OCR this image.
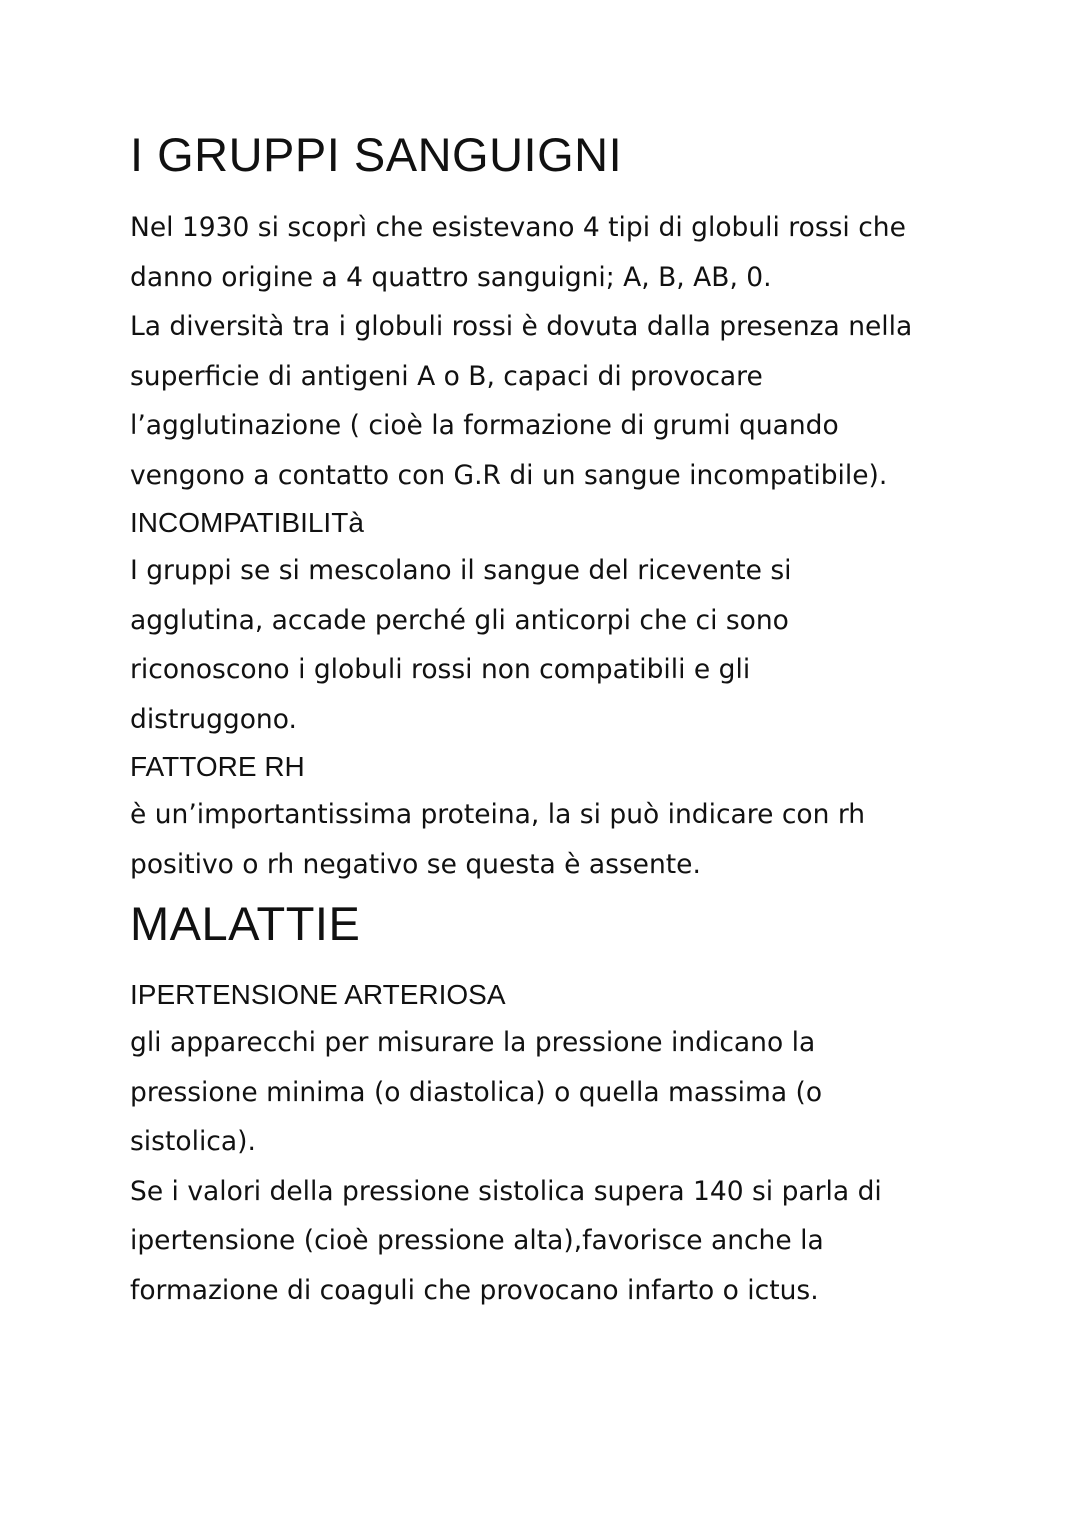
I GRUPPI SANGUIGNI

Nel 1930 si scoprì che esistevano 4 tipi di globuli rossi che

danno origine a 4 quattro sanguigni; A, B, AB, 0.

La diversità tra i globuli rossi è dovuta dalla presenza nella

superficie di antigeni A o B, capaci di provocare

l’agglutinazione ( cioè la formazione di grumi quando

vengono a contatto con G.R di un sangue incompatibile).

INCOMPATIBILITà

I gruppi se si mescolano il sangue del ricevente si

agglutina, accade perché gli anticorpi che ci sono

riconoscono i globuli rossi non compatibili e gli

distruggono.

FATTORE RH

è un’importantissima proteina, la si può indicare con rh

positivo o rh negativo se questa è assente.

MALATTIE
IPERTENSIONE ARTERIOSA

gli apparecchi per misurare la pressione indicano la

pressione minima (o diastolica) o quella massima (o

sistolica).

Se i valori della pressione sistolica supera 140 si parla di

ipertensione (cioè pressione alta),favorisce anche la

formazione di coaguli che provocano infarto o ictus.
